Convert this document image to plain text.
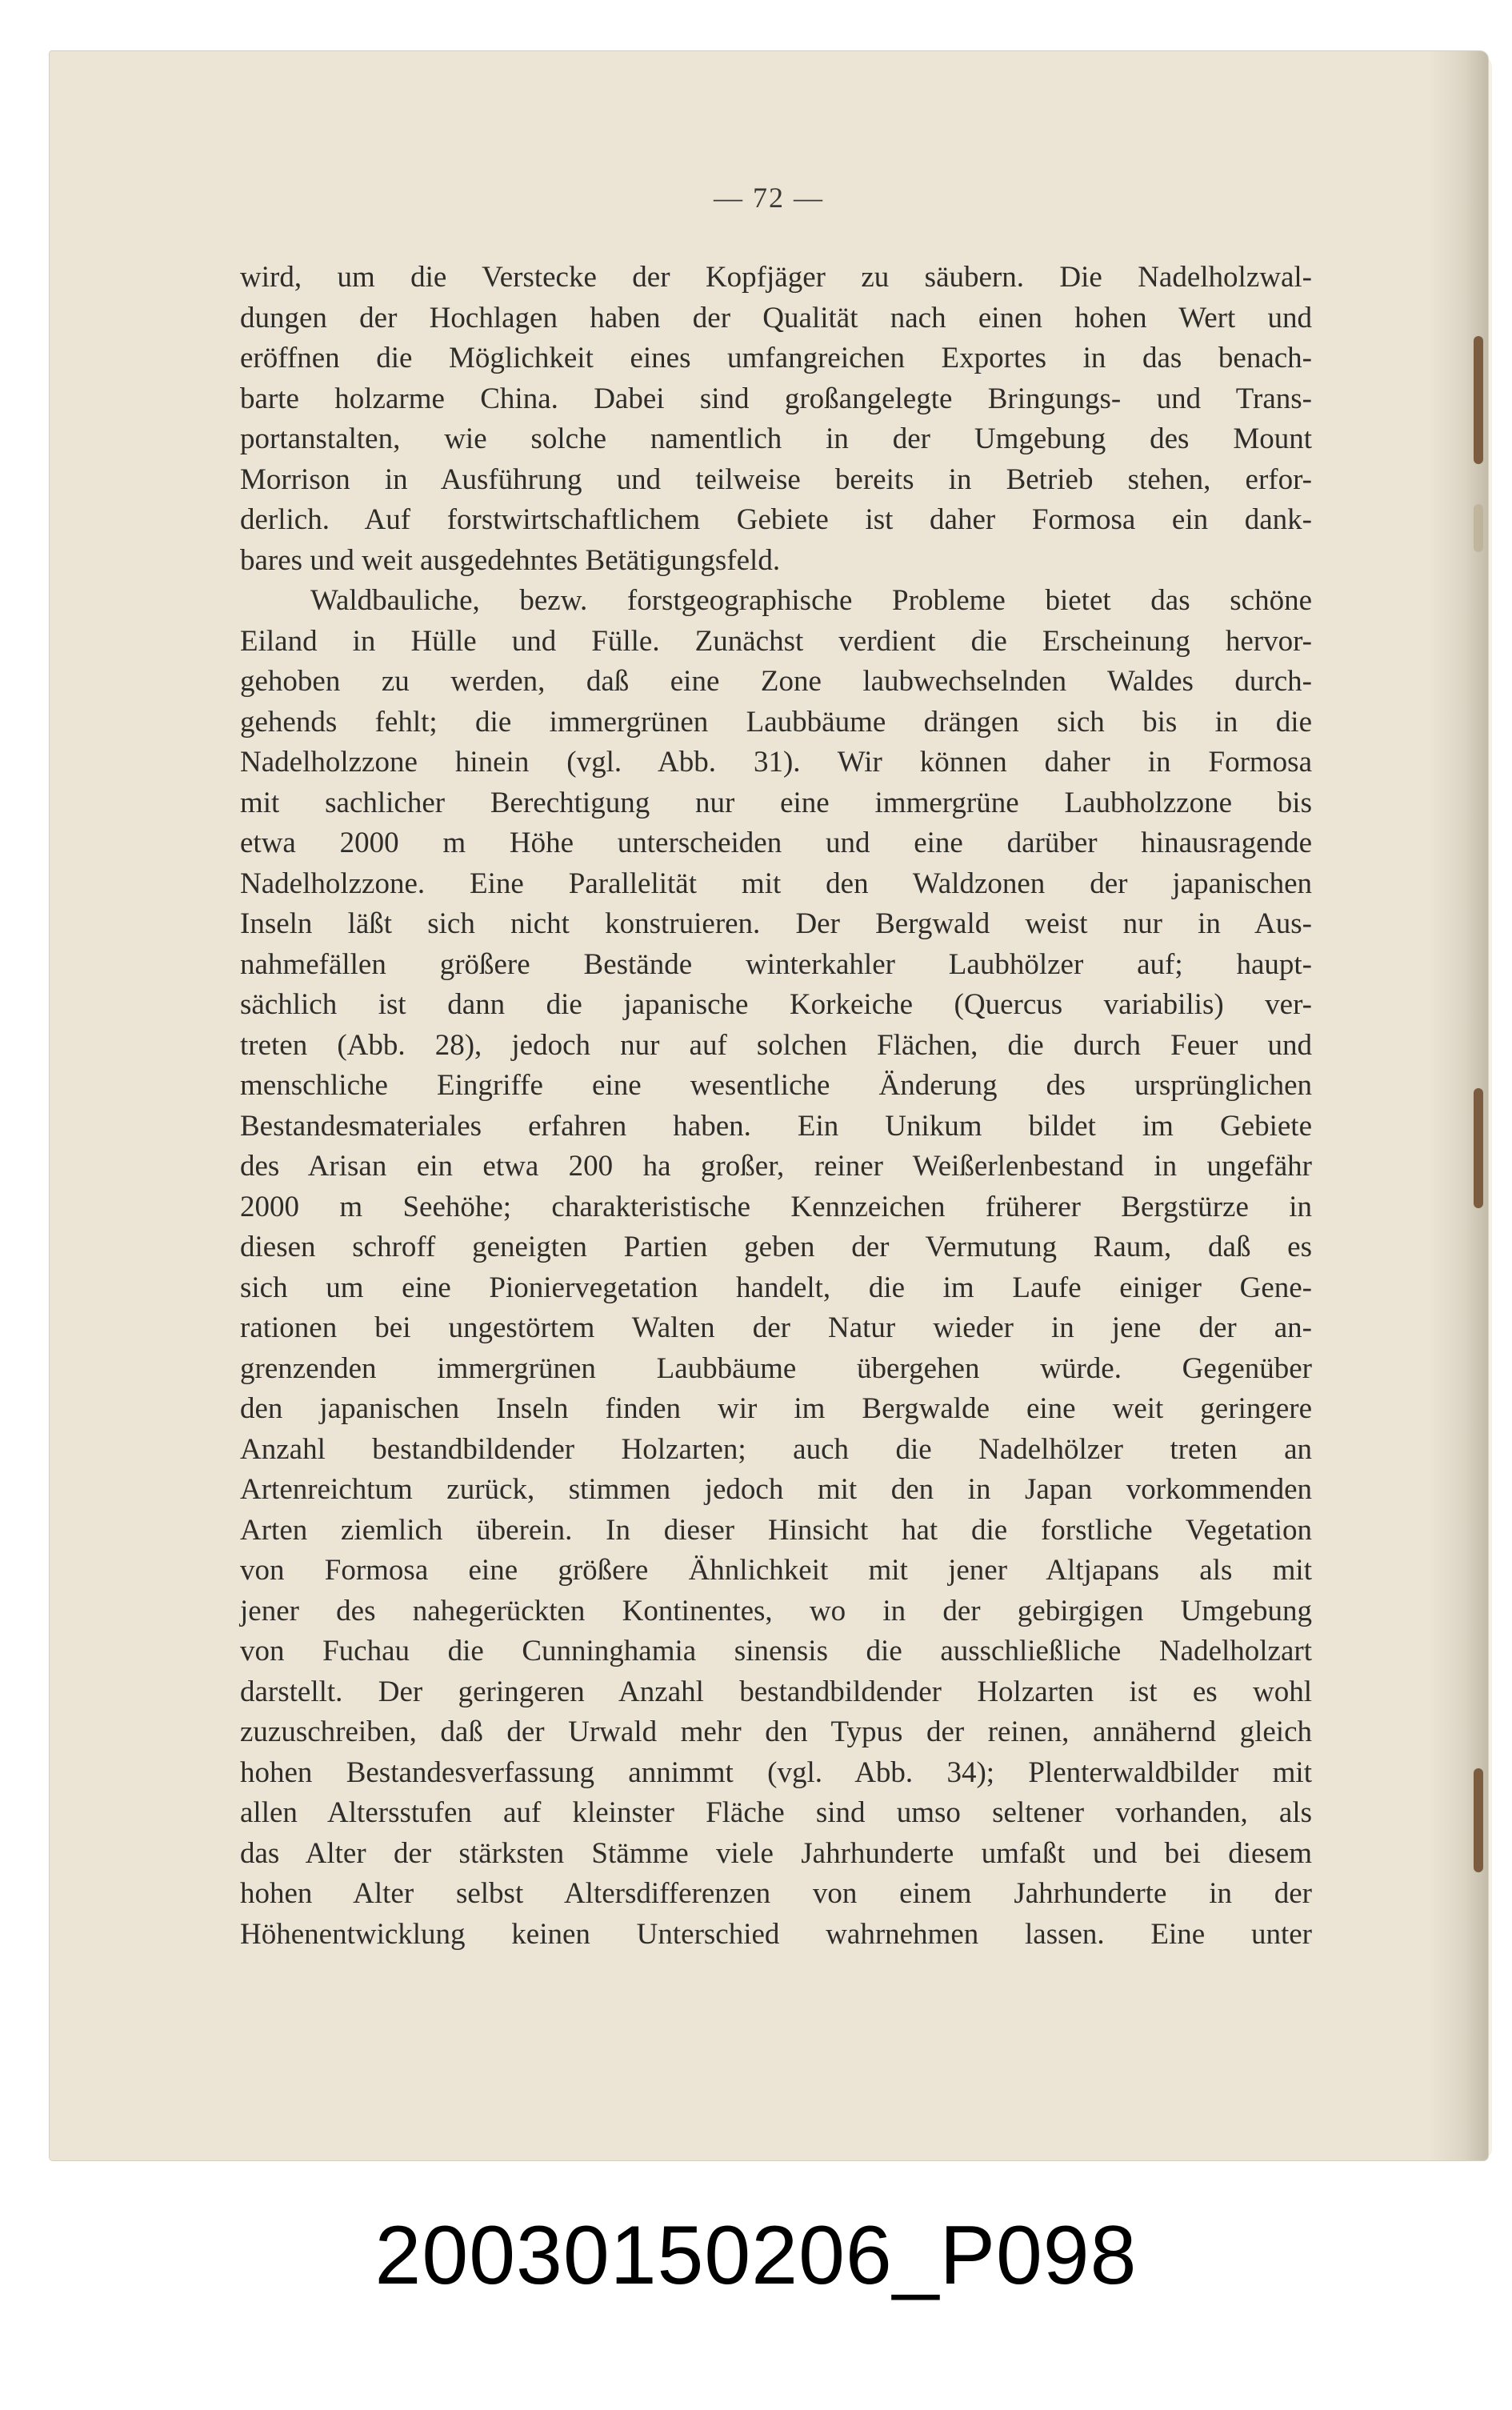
— 72 —
wird, um die Verstecke der Kopfjäger zu säubern. Die Nadelholzwal-
dungen der Hochlagen haben der Qualität nach einen hohen Wert und
eröffnen die Möglichkeit eines umfangreichen Exportes in das benach-
barte holzarme China. Dabei sind großangelegte Bringungs- und Trans-
portanstalten, wie solche namentlich in der Umgebung des Mount
Morrison in Ausführung und teilweise bereits in Betrieb stehen, erfor-
derlich. Auf forstwirtschaftlichem Gebiete ist daher Formosa ein dank-
bares und weit ausgedehntes Betätigungsfeld.
Waldbauliche, bezw. forstgeographische Probleme bietet das schöne
Eiland in Hülle und Fülle. Zunächst verdient die Erscheinung hervor-
gehoben zu werden, daß eine Zone laubwechselnden Waldes durch-
gehends fehlt; die immergrünen Laubbäume drängen sich bis in die
Nadelholzzone hinein (vgl. Abb. 31). Wir können daher in Formosa
mit sachlicher Berechtigung nur eine immergrüne Laubholzzone bis
etwa 2000 m Höhe unterscheiden und eine darüber hinausragende
Nadelholzzone. Eine Parallelität mit den Waldzonen der japanischen
Inseln läßt sich nicht konstruieren. Der Bergwald weist nur in Aus-
nahmefällen größere Bestände winterkahler Laubhölzer auf; haupt-
sächlich ist dann die japanische Korkeiche (Quercus variabilis) ver-
treten (Abb. 28), jedoch nur auf solchen Flächen, die durch Feuer und
menschliche Eingriffe eine wesentliche Änderung des ursprünglichen
Bestandesmateriales erfahren haben. Ein Unikum bildet im Gebiete
des Arisan ein etwa 200 ha großer, reiner Weißerlenbestand in ungefähr
2000 m Seehöhe; charakteristische Kennzeichen früherer Bergstürze in
diesen schroff geneigten Partien geben der Vermutung Raum, daß es
sich um eine Pioniervegetation handelt, die im Laufe einiger Gene-
rationen bei ungestörtem Walten der Natur wieder in jene der an-
grenzenden immergrünen Laubbäume übergehen würde. Gegenüber
den japanischen Inseln finden wir im Bergwalde eine weit geringere
Anzahl bestandbildender Holzarten; auch die Nadelhölzer treten an
Artenreichtum zurück, stimmen jedoch mit den in Japan vorkommenden
Arten ziemlich überein. In dieser Hinsicht hat die forstliche Vegetation
von Formosa eine größere Ähnlichkeit mit jener Altjapans als mit
jener des nahegerückten Kontinentes, wo in der gebirgigen Umgebung
von Fuchau die Cunninghamia sinensis die ausschließliche Nadelholzart
darstellt. Der geringeren Anzahl bestandbildender Holzarten ist es wohl
zuzuschreiben, daß der Urwald mehr den Typus der reinen, annähernd gleich
hohen Bestandesverfassung annimmt (vgl. Abb. 34); Plenterwaldbilder mit
allen Altersstufen auf kleinster Fläche sind umso seltener vorhanden, als
das Alter der stärksten Stämme viele Jahrhunderte umfaßt und bei diesem
hohen Alter selbst Altersdifferenzen von einem Jahrhunderte in der
Höhenentwicklung keinen Unterschied wahrnehmen lassen. Eine unter
20030150206_P098
